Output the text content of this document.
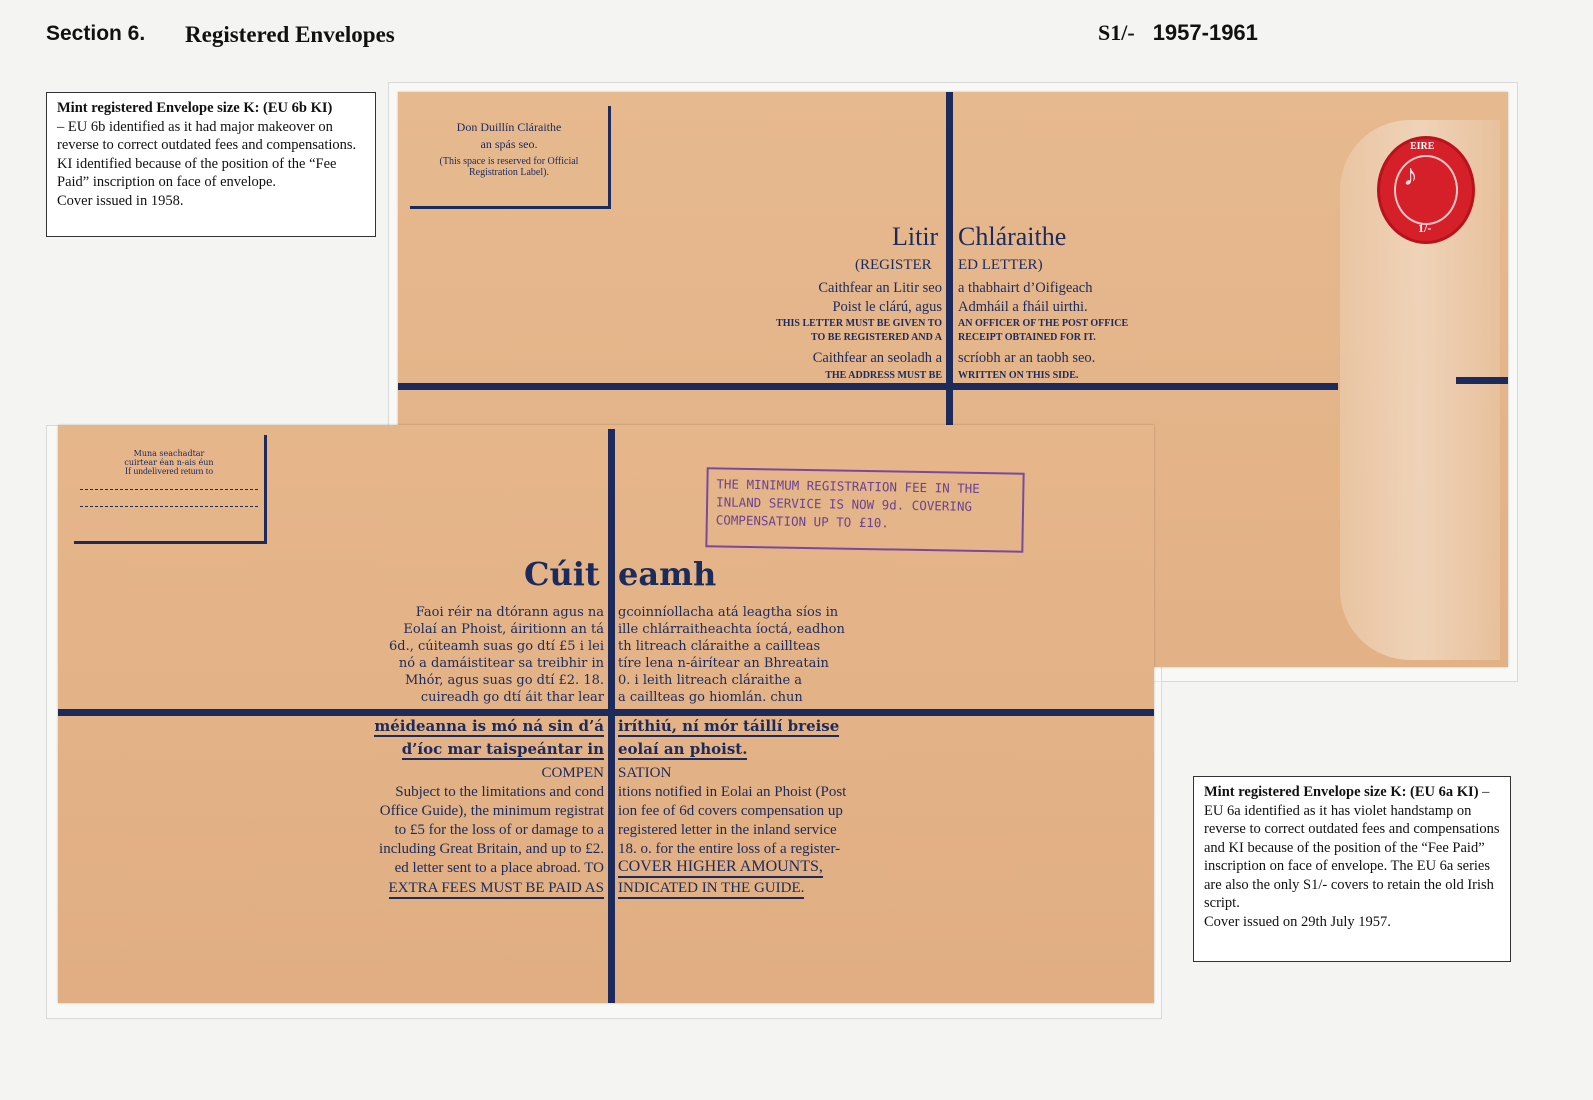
Section 6. Registered Envelopes	S1/- 1957-1961

Mint registered Envelope size K: (EU 6b KI)

– EU 6b identified as it had major makeover on reverse to correct outdated fees and compensations. KI identified because of the position of the “Fee Paid” inscription on face of envelope.

Cover issued in 1958.

Don Duillín Cláraithe
an spás seo.
(This space is reserved for Official
Registration Label).
Litir Chláraithe
(REGISTER ED LETTER)
Caithfear an Litir seo
Poist le clárú, agus
THIS LETTER MUST BE GIVEN TO
TO BE REGISTERED AND A
Caithfear an seoladh a
THE ADDRESS MUST BE
a thabhairt d’Oifigeach
Admháil a fháil uirthi.
AN OFFICER OF THE POST OFFICE
RECEIPT OBTAINED FOR IT.
scríobh ar an taobh seo.
WRITTEN ON THIS SIDE.
EIRE
♪
1/-
Muna seachadtar
cuirtear éan n-ais éun
If undelivered return to
Cúit eamh
Faoi réir na dtórann agus na
Eolaí an Phoist, áiritionn an tá
6d., cúiteamh suas go dtí £5 i lei
nó a damáistitear sa treibhir in
Mhór, agus suas go dtí £2. 18.
cuireadh go dtí áit thar lear
gcoinníollacha atá leagtha síos in
ille chlárraitheachta íoctá, eadhon
th litreach cláraithe a caillteas
tíre lena n-áirítear an Bhreatain
0. i leith litreach cláraithe a
a caillteas go hiomlán. chun
méideanna is mó ná sin d’á
d’íoc mar taispeántar in
iríthiú, ní mór táillí breise
eolaí an phoist.
COMPEN SATION
Subject to the limitations and cond
Office Guide), the minimum registrat
to £5 for the loss of or damage to a
including Great Britain, and up to £2.
ed letter sent to a place abroad. TO
EXTRA FEES MUST BE PAID AS
itions notified in Eolai an Phoist (Post
ion fee of 6d covers compensation up
registered letter in the inland service
18. o. for the entire loss of a register-
COVER HIGHER AMOUNTS,
INDICATED IN THE GUIDE.
THE MINIMUM REGISTRATION FEE IN THE
INLAND SERVICE IS NOW 9d. COVERING
COMPENSATION UP TO £10.

Mint registered Envelope size K: (EU 6a KI) – EU 6a identified as it has violet handstamp on reverse to correct outdated fees and compensations and KI because of the position of the “Fee Paid” inscription on face of envelope. The EU 6a series are also the only S1/- covers to retain the old Irish script.

Cover issued on 29th July 1957.
